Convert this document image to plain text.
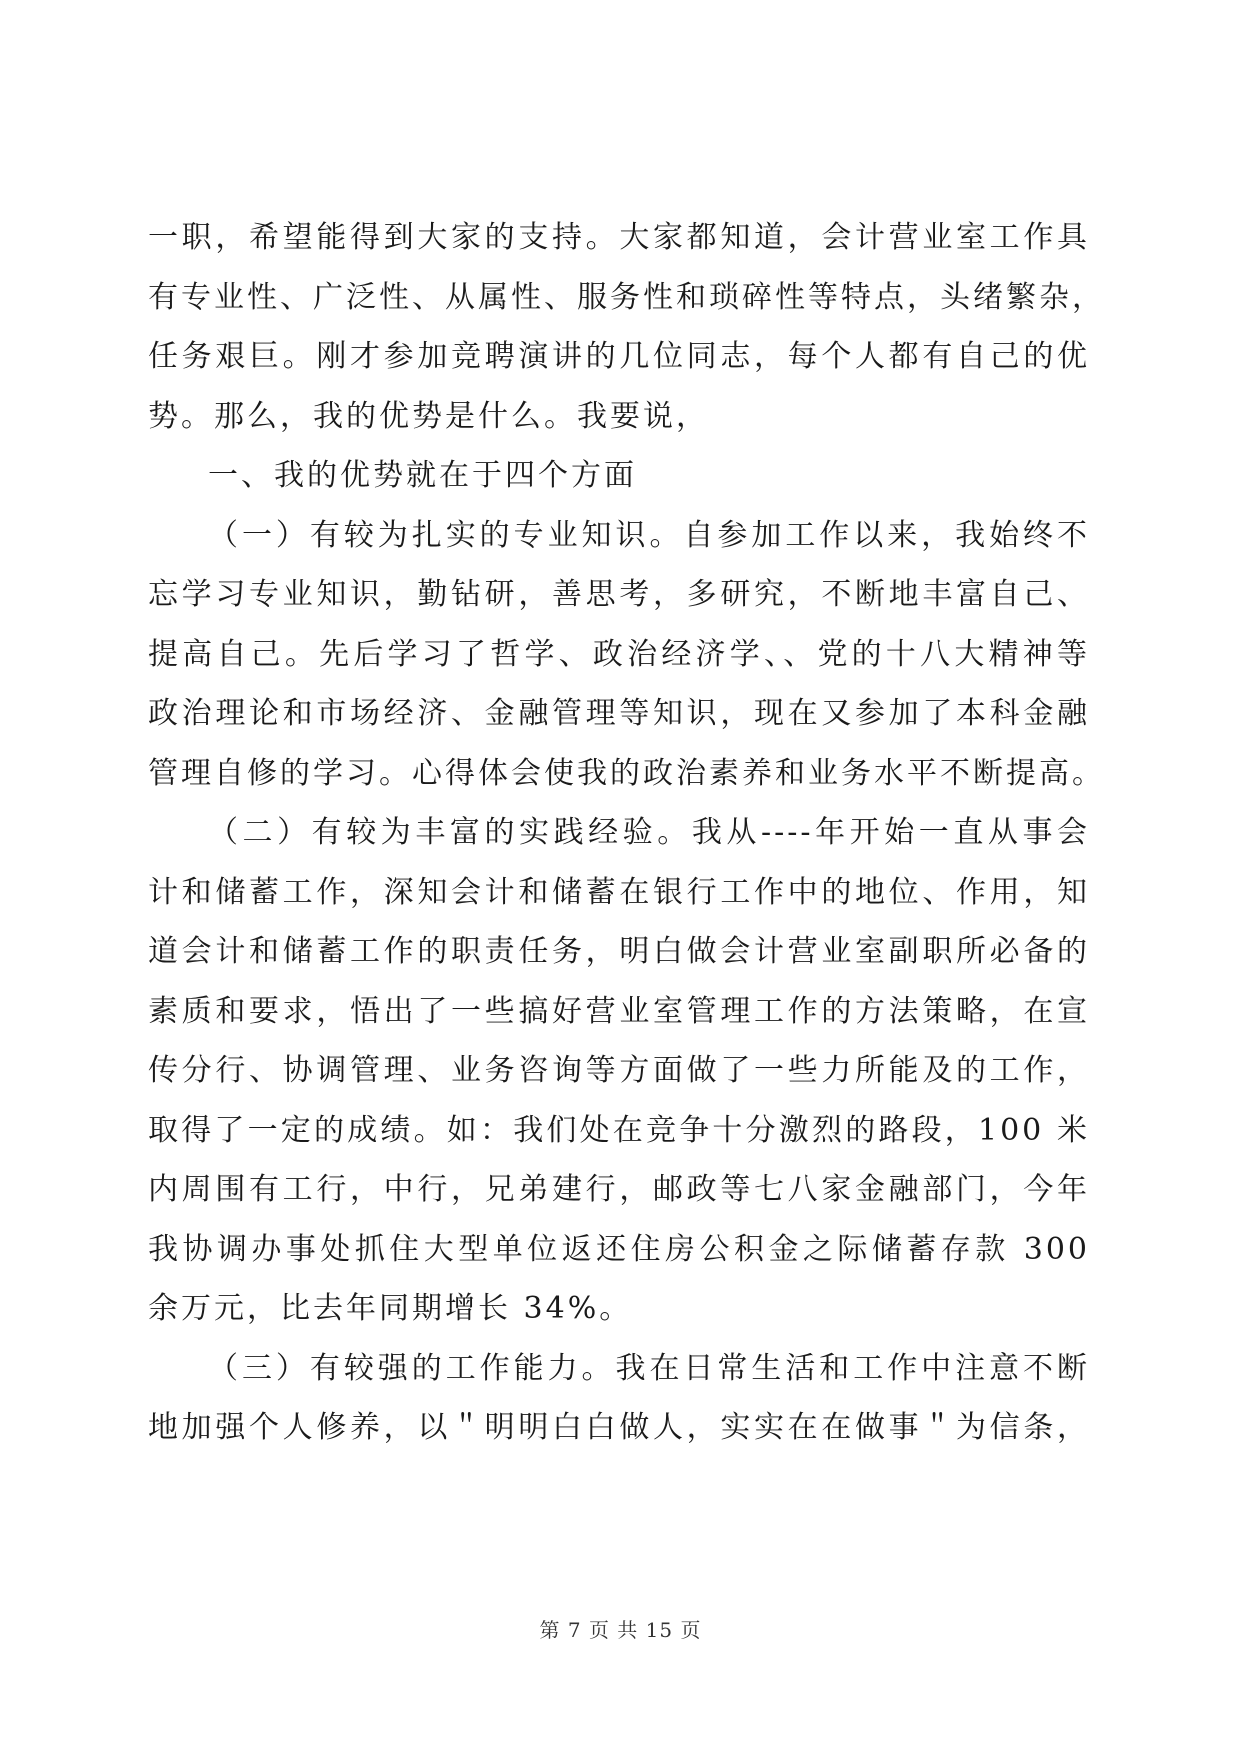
一职，希望能得到大家的支持。大家都知道，会计营业室工作具
有专业性、广泛性、从属性、服务性和琐碎性等特点，头绪繁杂，
任务艰巨。刚才参加竞聘演讲的几位同志，每个人都有自己的优
势。那么，我的优势是什么。我要说，
一、我的优势就在于四个方面
（一）有较为扎实的专业知识。自参加工作以来，我始终不
忘学习专业知识，勤钻研，善思考，多研究，不断地丰富自己、
提高自己。先后学习了哲学、政治经济学、、党的十八大精神等
政治理论和市场经济、金融管理等知识，现在又参加了本科金融
管理自修的学习。心得体会使我的政治素养和业务水平不断提高。
（二）有较为丰富的实践经验。我从----年开始一直从事会
计和储蓄工作，深知会计和储蓄在银行工作中的地位、作用，知
道会计和储蓄工作的职责任务，明白做会计营业室副职所必备的
素质和要求，悟出了一些搞好营业室管理工作的方法策略，在宣
传分行、协调管理、业务咨询等方面做了一些力所能及的工作，
取得了一定的成绩。如：我们处在竞争十分激烈的路段，100 米
内周围有工行，中行，兄弟建行，邮政等七八家金融部门，今年
我协调办事处抓住大型单位返还住房公积金之际储蓄存款 300
余万元，比去年同期增长 34%。
（三）有较强的工作能力。我在日常生活和工作中注意不断
地加强个人修养，以＂明明白白做人，实实在在做事＂为信条，
第 7 页 共 15 页
